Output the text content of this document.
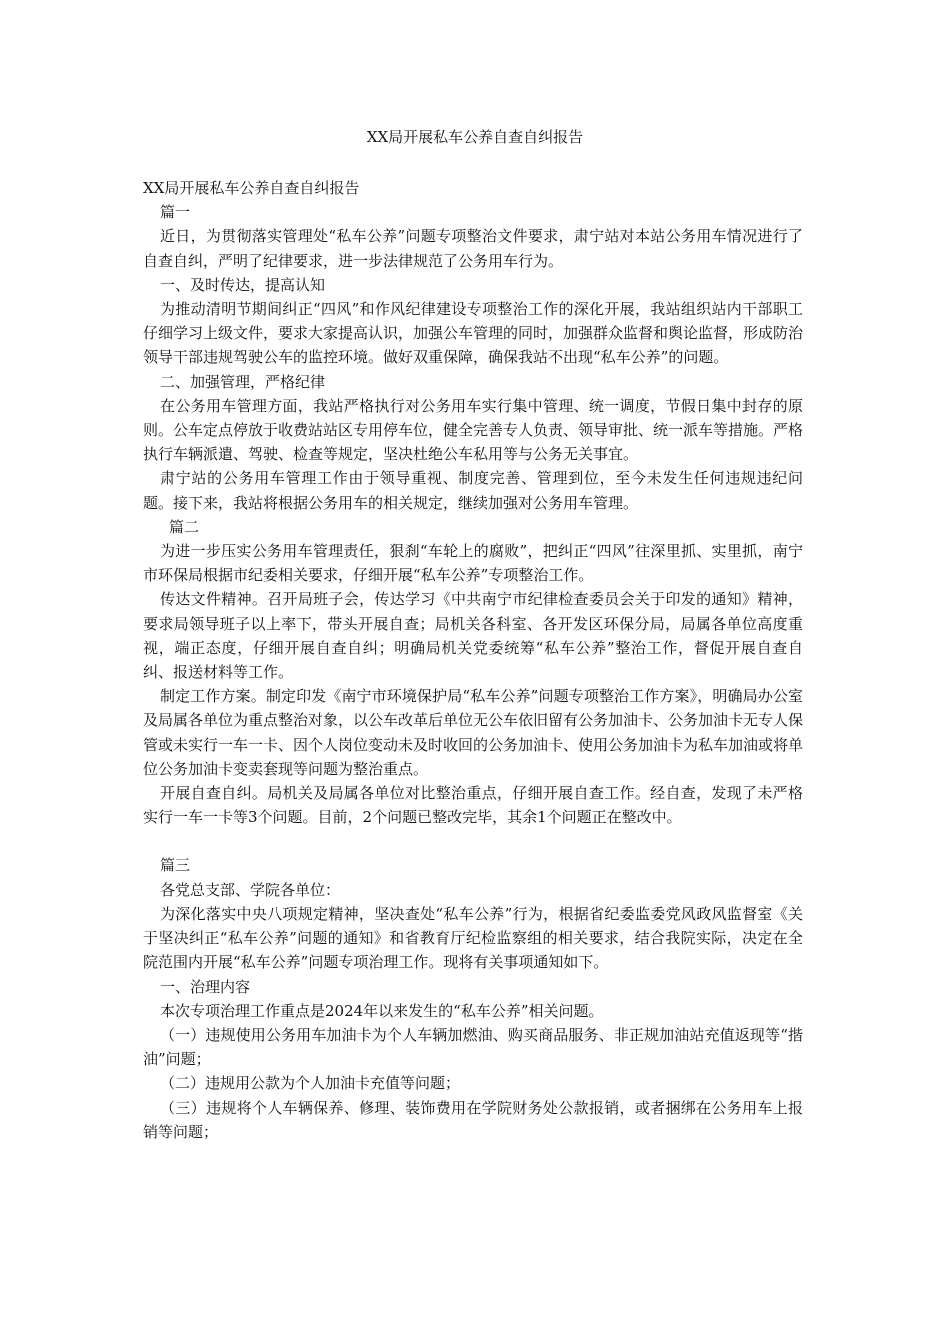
XX局开展私车公养自查自纠报告

XX局开展私车公养自查自纠报告

篇一

近日，为贯彻落实管理处“私车公养”问题专项整治文件要求，肃宁站对本站公务用车情况进行了自查自纠，严明了纪律要求，进一步法律规范了公务用车行为。

一、及时传达，提高认知

为推动清明节期间纠正“四风”和作风纪律建设专项整治工作的深化开展，我站组织站内干部职工仔细学习上级文件，要求大家提高认识，加强公车管理的同时，加强群众监督和舆论监督，形成防治领导干部违规驾驶公车的监控环境。做好双重保障，确保我站不出现“私车公养”的问题。

二、加强管理，严格纪律

在公务用车管理方面，我站严格执行对公务用车实行集中管理、统一调度，节假日集中封存的原则。公车定点停放于收费站站区专用停车位，健全完善专人负责、领导审批、统一派车等措施。严格执行车辆派遣、驾驶、检查等规定，坚决杜绝公车私用等与公务无关事宜。

肃宁站的公务用车管理工作由于领导重视、制度完善、管理到位，至今未发生任何违规违纪问题。接下来，我站将根据公务用车的相关规定，继续加强对公务用车管理。

篇二

为进一步压实公务用车管理责任，狠刹“车轮上的腐败”，把纠正“四风”往深里抓、实里抓，南宁市环保局根据市纪委相关要求，仔细开展“私车公养”专项整治工作。

传达文件精神。召开局班子会，传达学习《中共南宁市纪律检查委员会关于印发的通知》精神，要求局领导班子以上率下，带头开展自查；局机关各科室、各开发区环保分局，局属各单位高度重视，端正态度，仔细开展自查自纠；明确局机关党委统筹“私车公养”整治工作，督促开展自查自纠、报送材料等工作。

制定工作方案。制定印发《南宁市环境保护局“私车公养”问题专项整治工作方案》，明确局办公室及局属各单位为重点整治对象，以公车改革后单位无公车依旧留有公务加油卡、公务加油卡无专人保管或未实行一车一卡、因个人岗位变动未及时收回的公务加油卡、使用公务加油卡为私车加油或将单位公务加油卡变卖套现等问题为整治重点。

开展自查自纠。局机关及局属各单位对比整治重点，仔细开展自查工作。经自查，发现了未严格实行一车一卡等3个问题。目前，2个问题已整改完毕，其余1个问题正在整改中。

篇三

各党总支部、学院各单位：

为深化落实中央八项规定精神，坚决查处“私车公养”行为，根据省纪委监委党风政风监督室《关于坚决纠正“私车公养”问题的通知》和省教育厅纪检监察组的相关要求，结合我院实际，决定在全院范围内开展“私车公养”问题专项治理工作。现将有关事项通知如下。

一、治理内容

本次专项治理工作重点是2024年以来发生的“私车公养”相关问题。

（一）违规使用公务用车加油卡为个人车辆加燃油、购买商品服务、非正规加油站充值返现等“揩油”问题；

（二）违规用公款为个人加油卡充值等问题；

（三）违规将个人车辆保养、修理、装饰费用在学院财务处公款报销，或者捆绑在公务用车上报销等问题；
